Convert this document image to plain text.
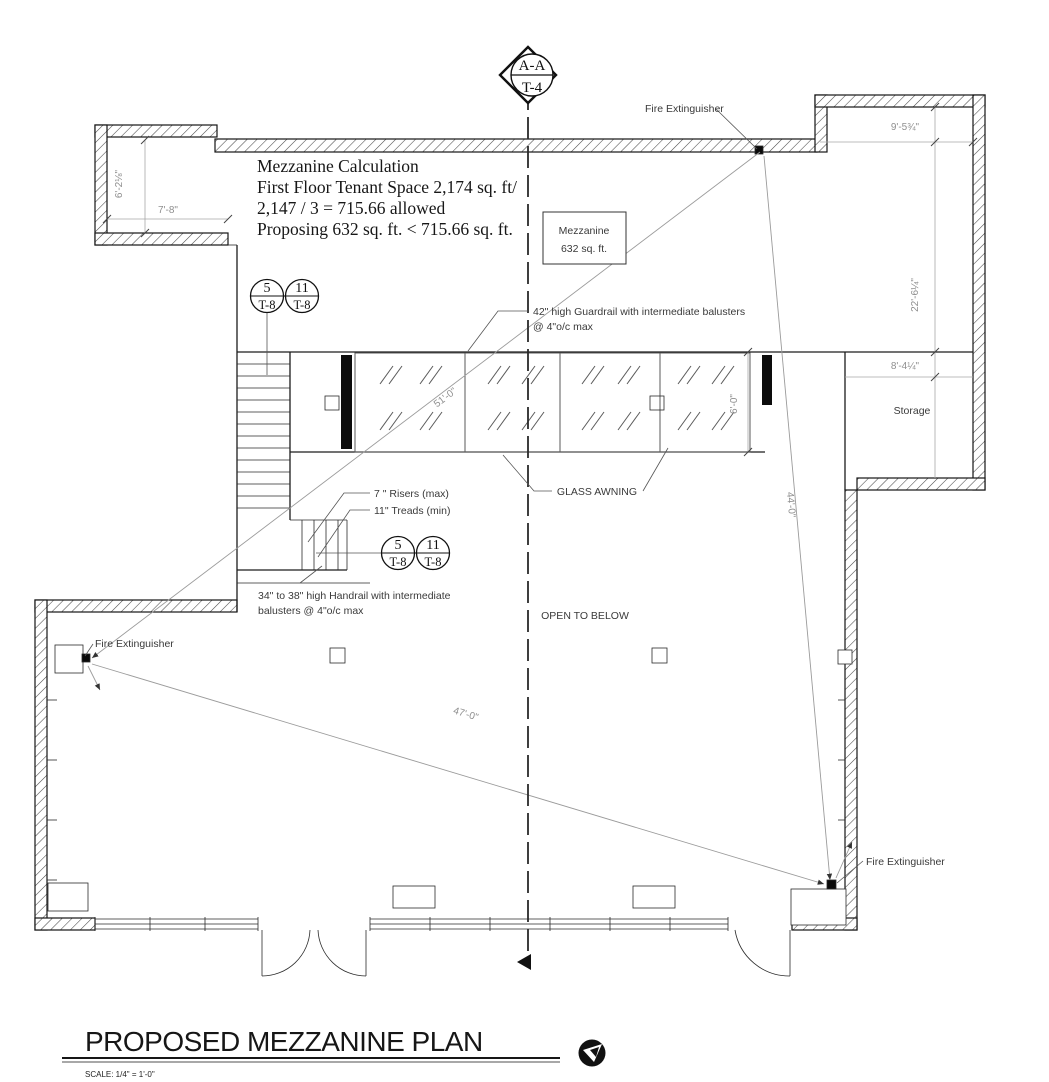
A-A
T-4
7'-8"
6'-2⅛"
9'-5¾"
22'-6¼"
8'-4¼"
6'-0"
51'-0"
44'-0"
47'-0"
5
T-8
11
T-8
5
T-8
11
T-8
Mezzanine Calculation
First Floor Tenant Space 2,174 sq. ft/
2,147 / 3 = 715.66 allowed
Proposing 632 sq. ft. < 715.66 sq. ft.	Mezzanine
632 sq. ft.
Storage
OPEN TO BELOW
GLASS AWNING
42" high Guardrail with intermediate balusters
@ 4"o/c max
7 " Risers (max)
11" Treads (min)
34" to 38" high Handrail with intermediate
balusters @ 4"o/c max
Fire Extinguisher
Fire Extinguisher
Fire Extinguisher
PROPOSED MEZZANINE PLAN
SCALE: 1/4" = 1'-0"
